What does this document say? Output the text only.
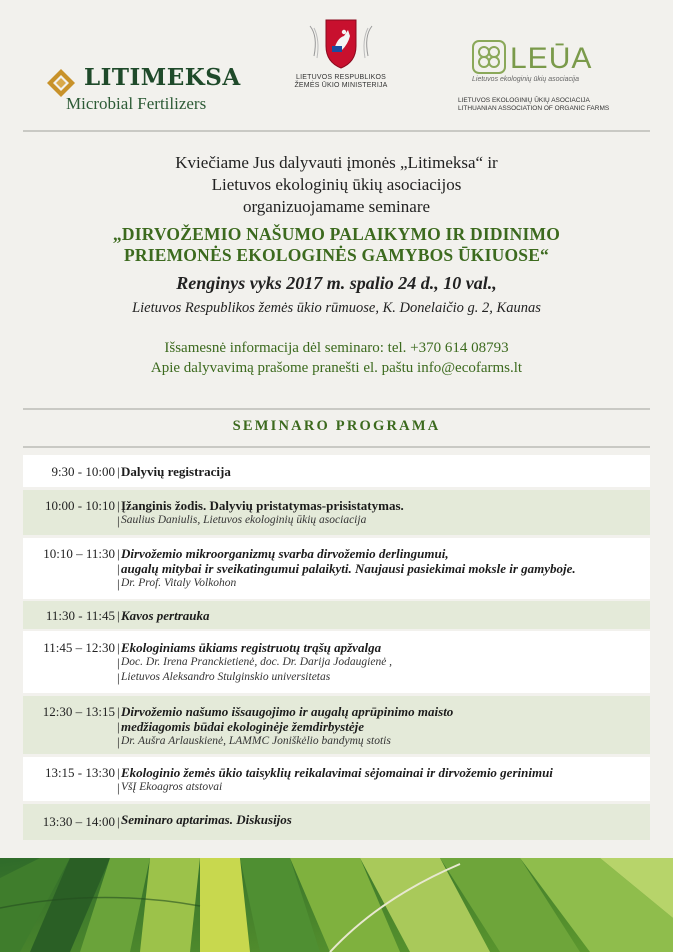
LITIMEKSA
Microbial Fertilizers
LIETUVOS RESPUBLIKOS
ŽEMĖS ŪKIO MINISTERIJA
LEŪA
Lietuvos ekologinių ūkių asociacija
LIETUVOS EKOLOGINIŲ ŪKIŲ ASOCIACIJA
LITHUANIAN ASSOCIATION OF ORGANIC FARMS
Kviečiame Jus dalyvauti įmonės „Litimeksa“ ir
Lietuvos ekologinių ūkių asociacijos
organizuojamame seminare
„DIRVOŽEMIO NAŠUMO PALAIKYMO IR DIDINIMO
PRIEMONĖS EKOLOGINĖS GAMYBOS ŪKIUOSE“
Renginys vyks 2017 m. spalio 24 d., 10 val.,
Lietuvos Respublikos žemės ūkio rūmuose, K. Donelaičio g. 2, Kaunas
Išsamesnė informacija dėl seminaro: tel. +370 614 08793
Apie dalyvavimą prašome pranešti el. paštu info@ecofarms.lt
SEMINARO PROGRAMA
9:30 - 10:00 | Dalyvių registracija
10:00 - 10:10 |
|
Įžanginis žodis. Dalyvių pristatymas-prisistatymas.
Saulius Daniulis, Lietuvos ekologinių ūkių asociacija
10:10 – 11:30 |
|
|
Dirvožemio mikroorganizmų svarba dirvožemio derlingumui,
augalų mitybai ir sveikatingumui palaikyti. Naujausi pasiekimai moksle ir gamyboje.
Dr. Prof. Vitaly Volkohon
11:30 - 11:45 | Kavos pertrauka
11:45 – 12:30 |
|
|
Ekologiniams ūkiams registruotų trąšų apžvalga
Doc. Dr. Irena Pranckietienė, doc. Dr. Darija Jodaugienė ,
Lietuvos Aleksandro Stulginskio universitetas
12:30 – 13:15 |
|
|
Dirvožemio našumo išsaugojimo ir augalų aprūpinimo maisto
medžiagomis būdai ekologinėje žemdirbystėje
Dr. Aušra Arlauskienė, LAMMC Joniškėlio bandymų stotis
13:15 - 13:30 |
|
Ekologinio žemės ūkio taisyklių reikalavimai sėjomainai ir dirvožemio gerinimui
VšĮ Ekoagros atstovai
13:30 – 14:00 | Seminaro aptarimas. Diskusijos
